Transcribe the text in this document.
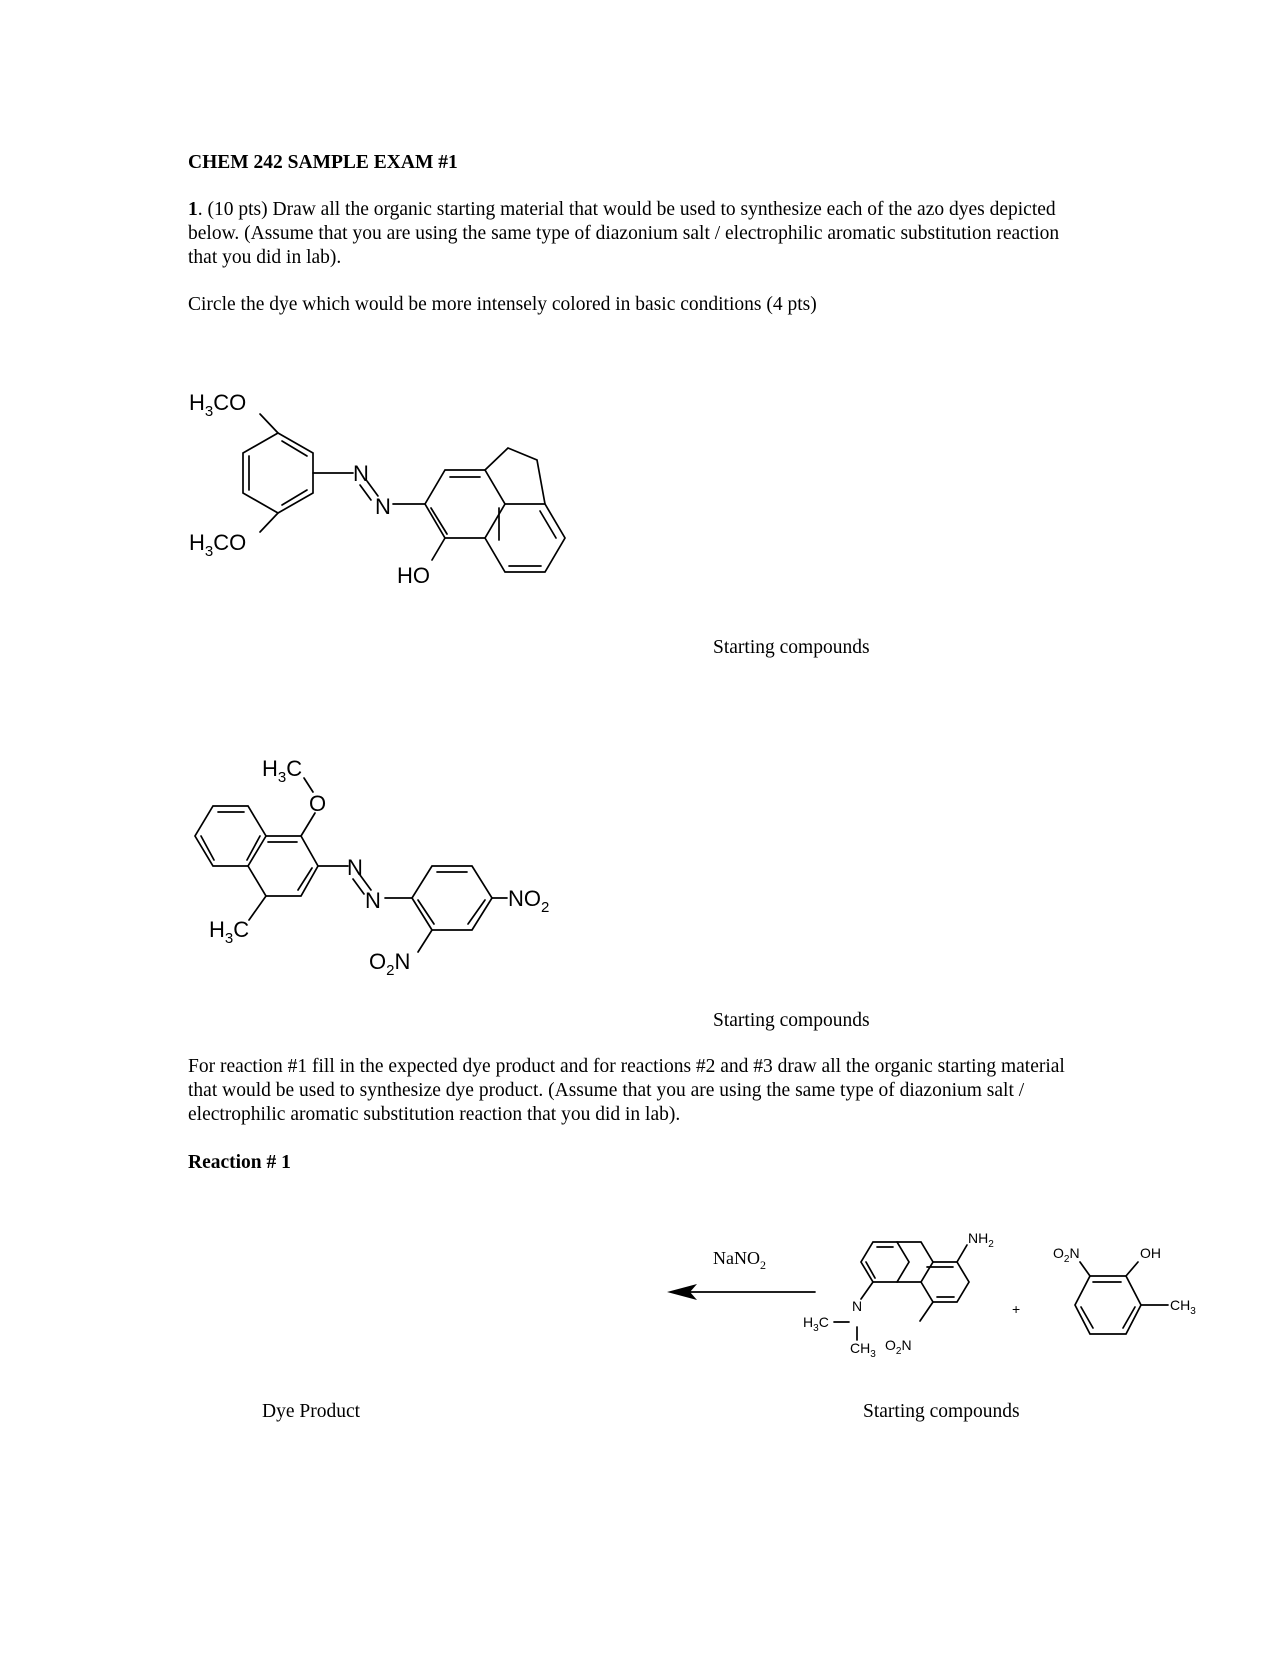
CHEM 242 SAMPLE EXAM #1
1. (10 pts) Draw all the organic starting material that would be used to synthesize each of the azo dyes depicted below. (Assume that you are using the same type of diazonium salt / electrophilic aromatic substitution reaction that you did in lab).
Circle the dye which would be more intensely colored in basic conditions (4 pts)
Starting compounds
Starting compounds
For reaction #1 fill in the expected dye product and for reactions #2 and #3 draw all the organic starting material that would be used to synthesize dye product. (Assume that you are using the same type of diazonium salt / electrophilic aromatic substitution reaction that you did in lab).
Reaction # 1
Dye Product	Starting compounds
$H_3CO$
$H_3CO$
N
N
HO
$H_3C$
O
N
N	$NO_2$
$H_3C$
$O_2N$
NaNO$_2$
$NH_2$
$H_3C$
N
$CH_3$
$O_2N$
+
$O_2N$	OH
$CH_3$
